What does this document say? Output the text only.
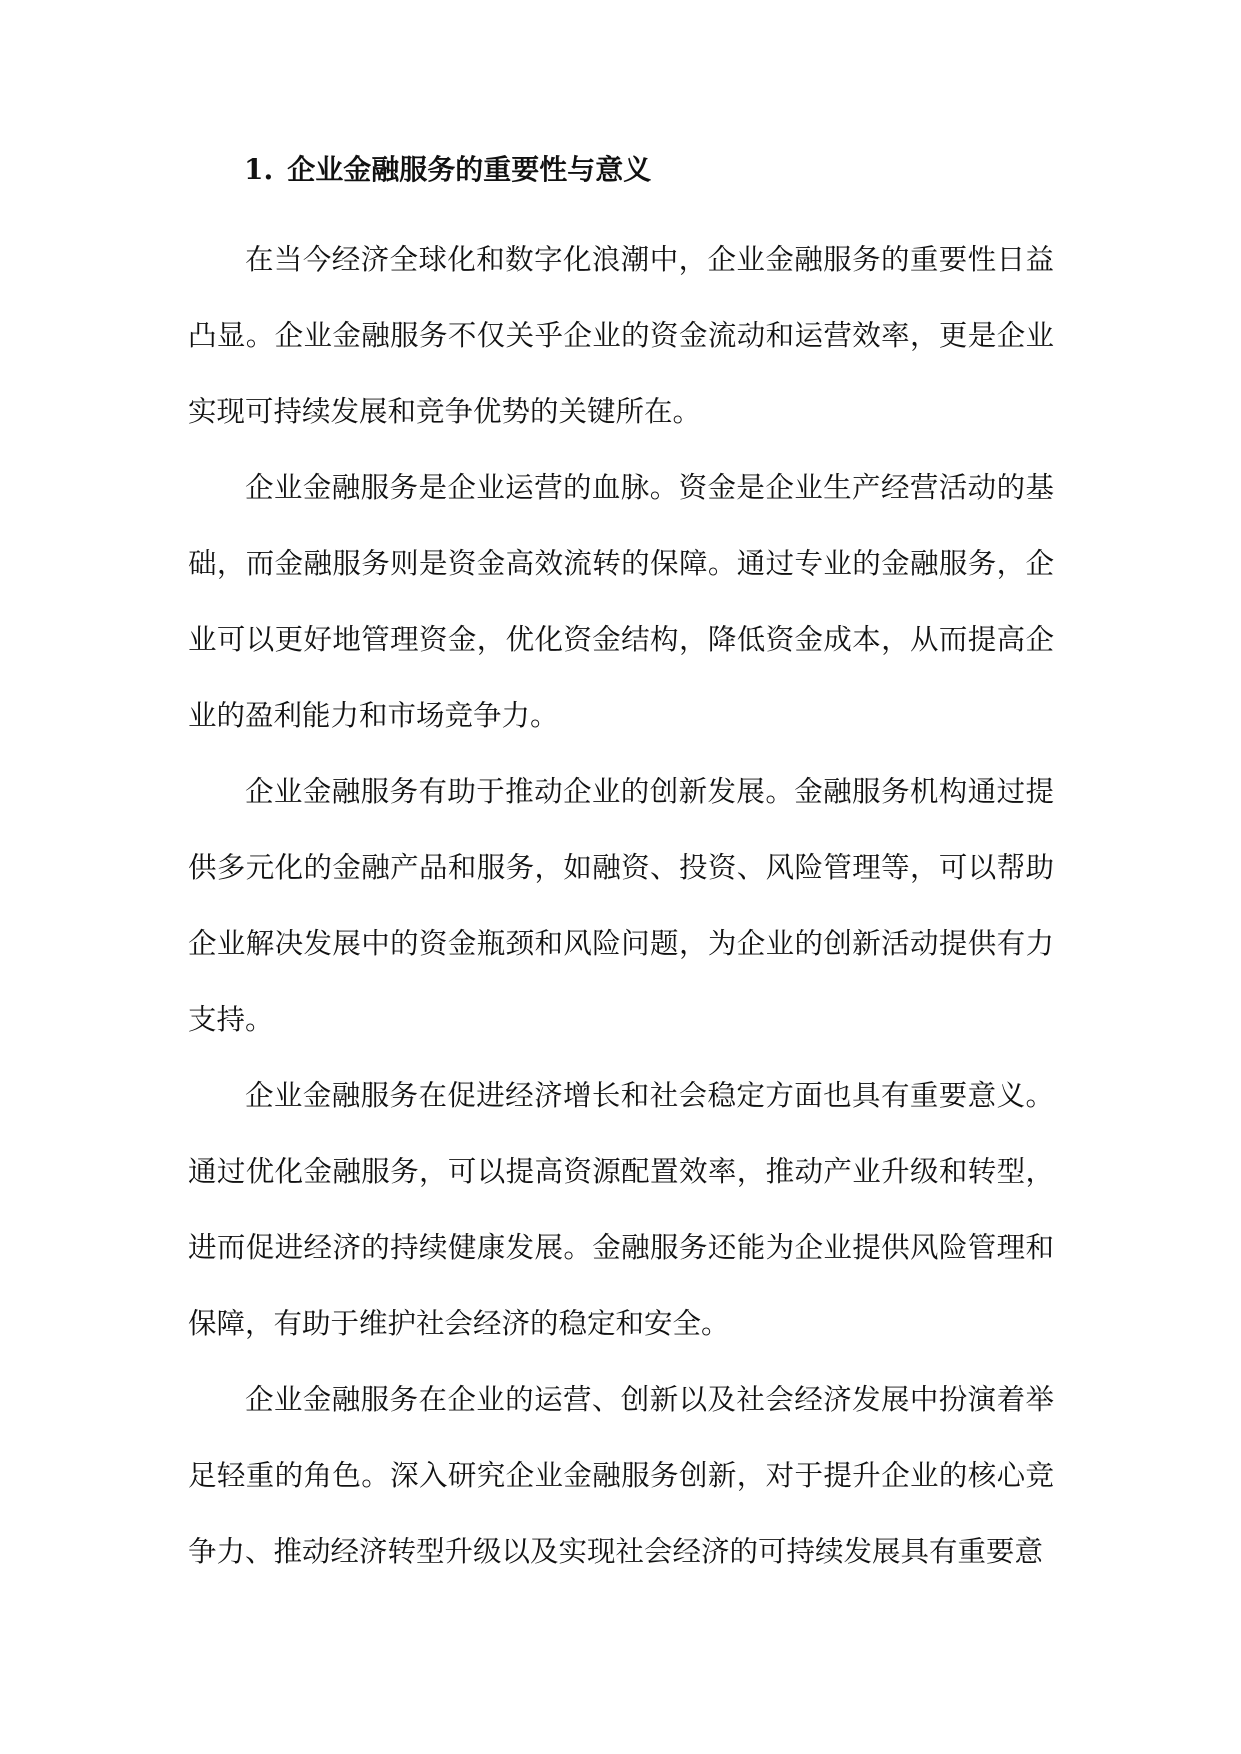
1. 企业金融服务的重要性与意义

在当今经济全球化和数字化浪潮中，企业金融服务的重要性日益凸显。企业金融服务不仅关乎企业的资金流动和运营效率，更是企业实现可持续发展和竞争优势的关键所在。

企业金融服务是企业运营的血脉。资金是企业生产经营活动的基础，而金融服务则是资金高效流转的保障。通过专业的金融服务，企业可以更好地管理资金，优化资金结构，降低资金成本，从而提高企业的盈利能力和市场竞争力。

企业金融服务有助于推动企业的创新发展。金融服务机构通过提供多元化的金融产品和服务，如融资、投资、风险管理等，可以帮助企业解决发展中的资金瓶颈和风险问题，为企业的创新活动提供有力支持。

企业金融服务在促进经济增长和社会稳定方面也具有重要意义。通过优化金融服务，可以提高资源配置效率，推动产业升级和转型，进而促进经济的持续健康发展。金融服务还能为企业提供风险管理和保障，有助于维护社会经济的稳定和安全。

企业金融服务在企业的运营、创新以及社会经济发展中扮演着举足轻重的角色。深入研究企业金融服务创新，对于提升企业的核心竞争力、推动经济转型升级以及实现社会经济的可持续发展具有重要意
